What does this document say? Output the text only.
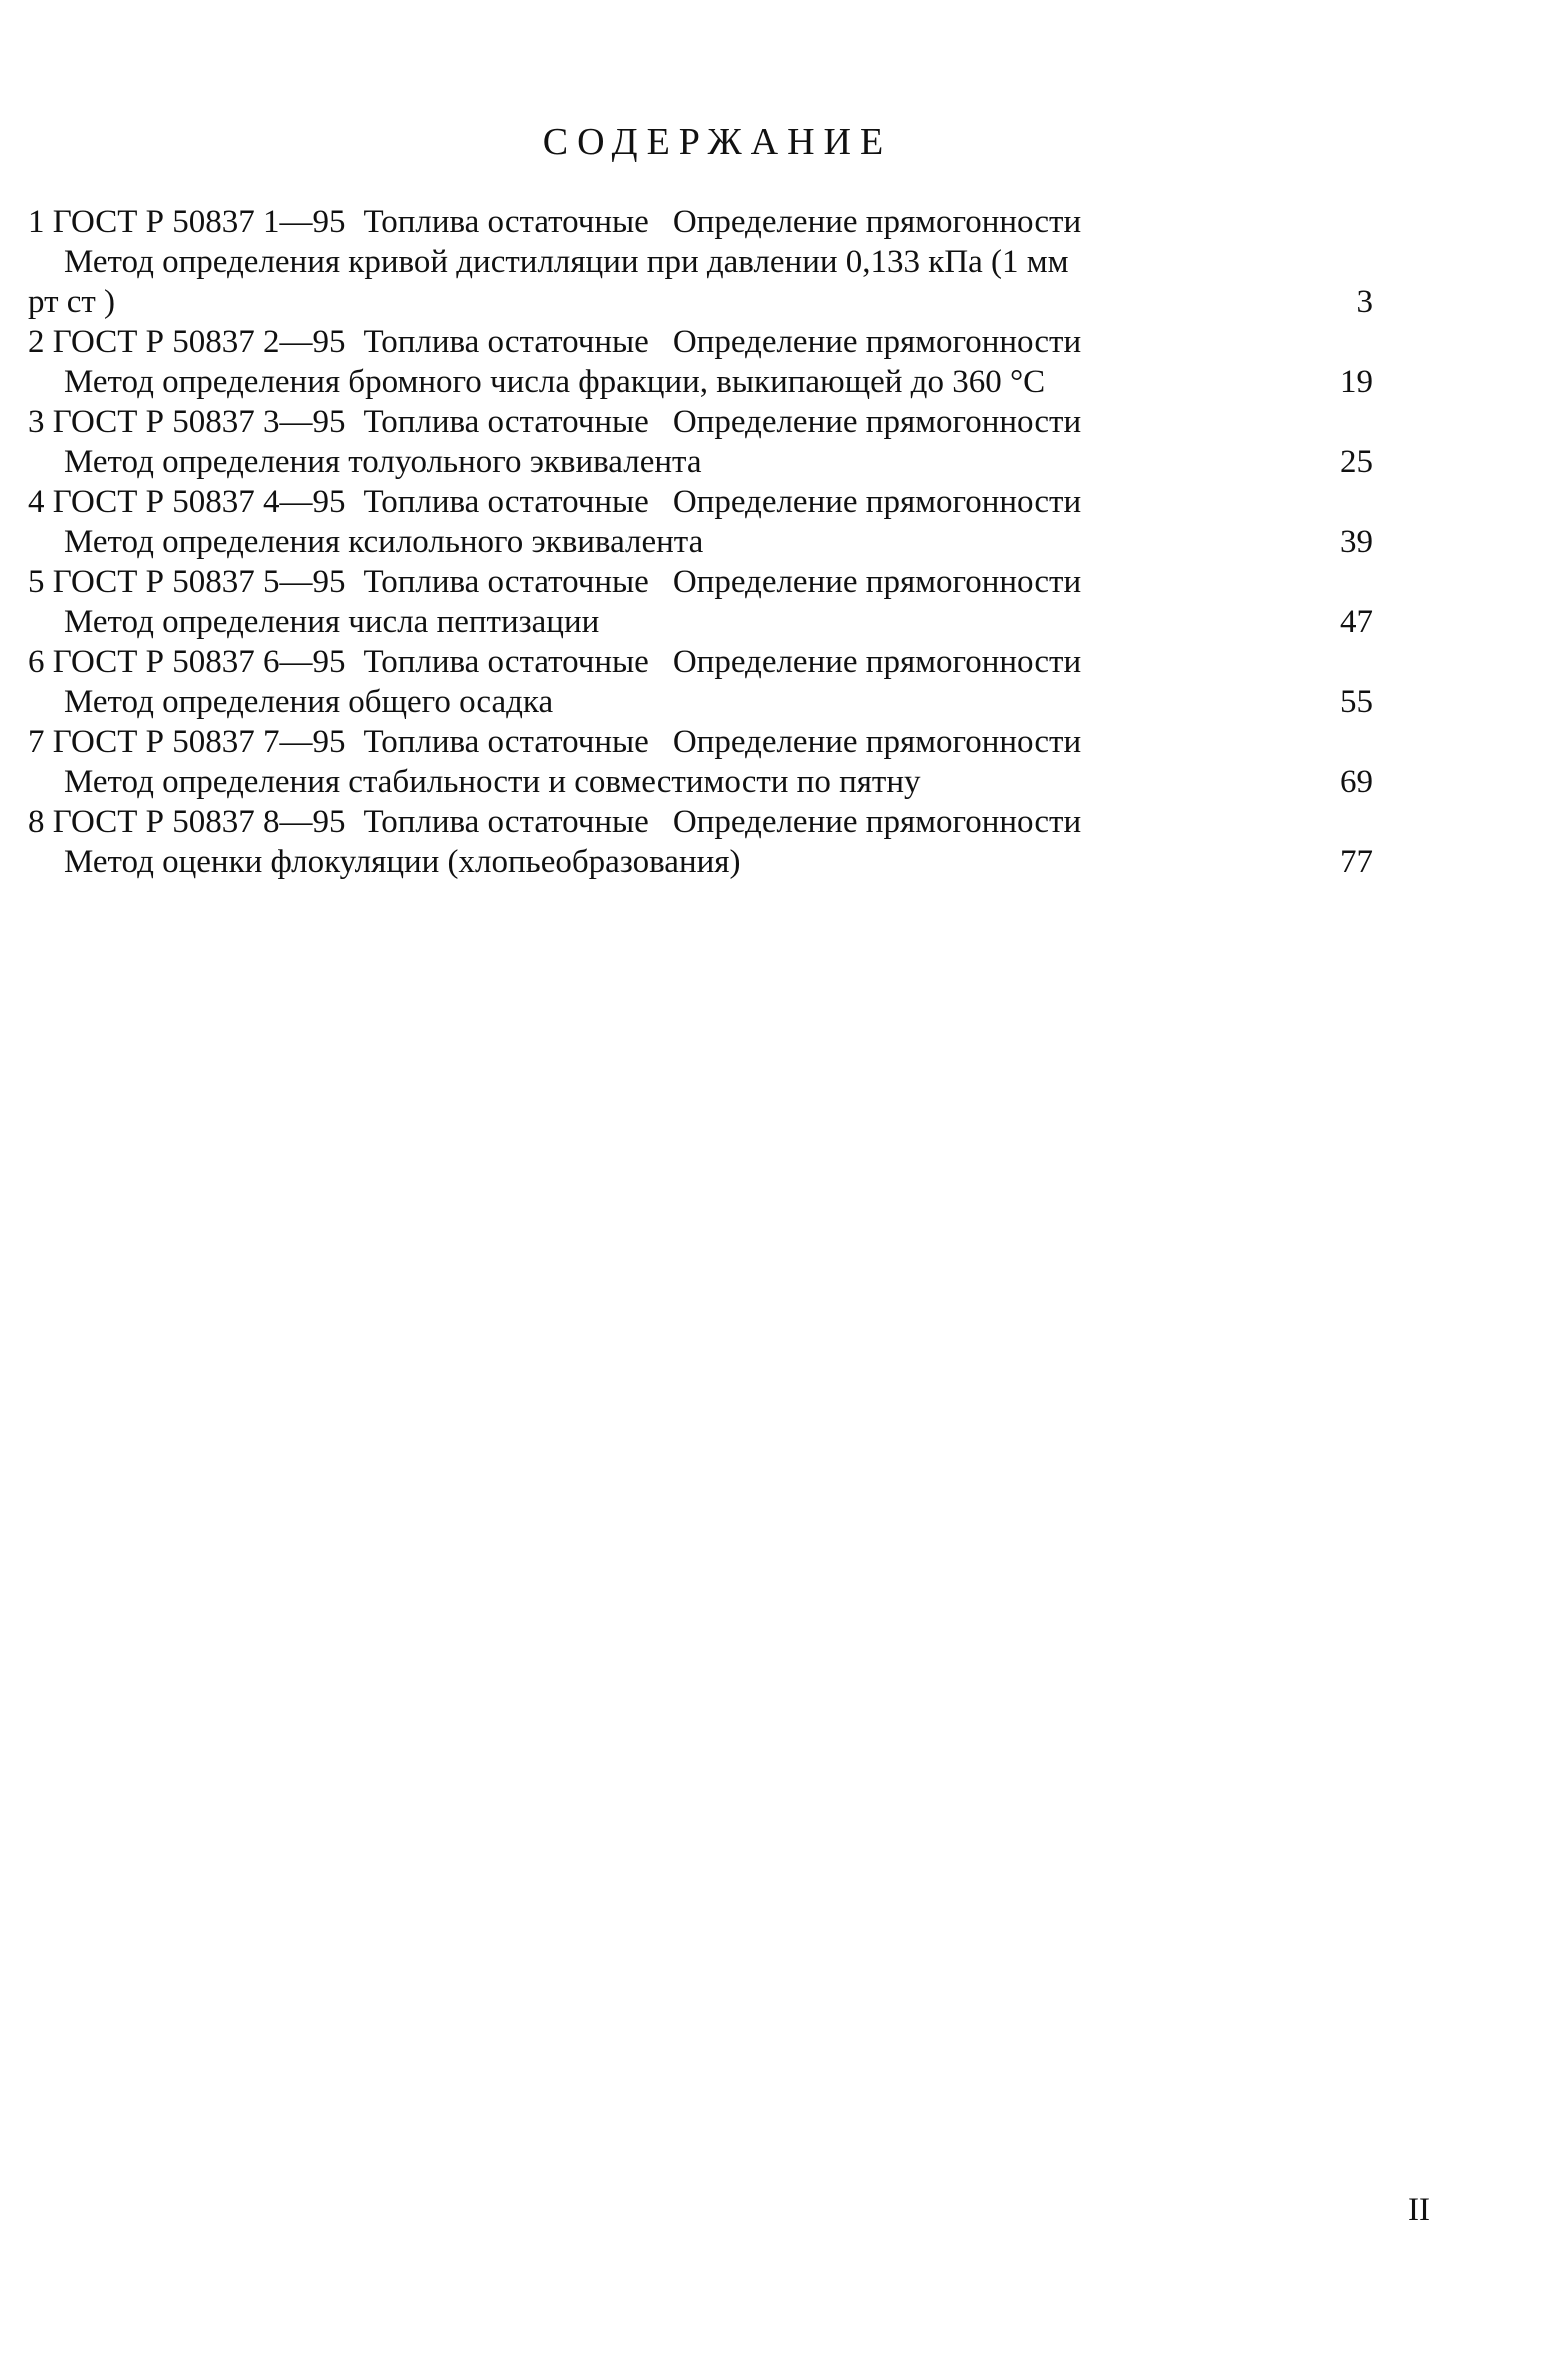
СОДЕРЖАНИЕ
1 ГОСТ Р 50837 1—95 Топлива остаточные Определение прямогонности
Метод определения кривой дистилляции при давлении 0,133 кПа (1 мм
рт ст )	3
2 ГОСТ Р 50837 2—95 Топлива остаточные Определение прямогонности
Метод определения бромного числа фракции, выкипающей до 360 °С	19
3 ГОСТ Р 50837 3—95 Топлива остаточные Определение прямогонности
Метод определения толуольного эквивалента	25
4 ГОСТ Р 50837 4—95 Топлива остаточные Определение прямогонности
Метод определения ксилольного эквивалента	39
5 ГОСТ Р 50837 5—95 Топлива остаточные Определение прямогонности
Метод определения числа пептизации	47
6 ГОСТ Р 50837 6—95 Топлива остаточные Определение прямогонности
Метод определения общего осадка	55
7 ГОСТ Р 50837 7—95 Топлива остаточные Определение прямогонности
Метод определения стабильности и совместимости по пятну	69
8 ГОСТ Р 50837 8—95 Топлива остаточные Определение прямогонности
Метод оценки флокуляции (хлопьеобразования)	77
II
